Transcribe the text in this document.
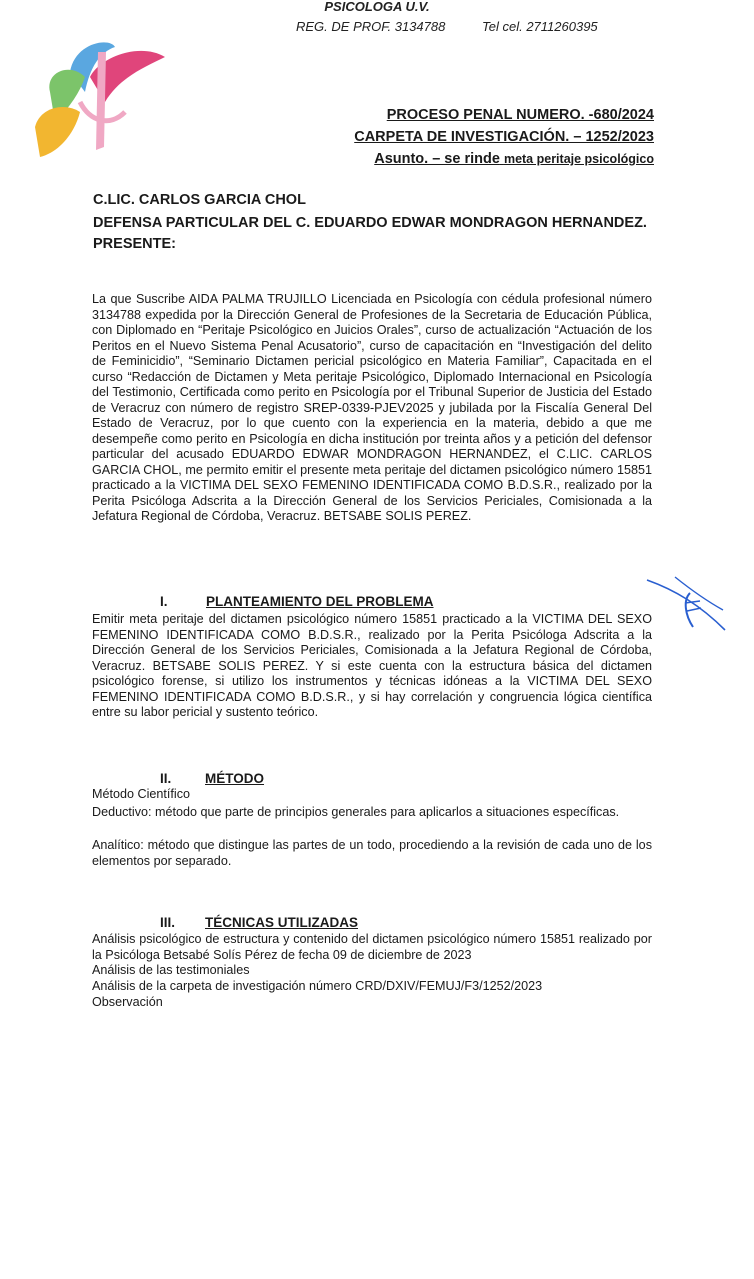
PSICOLOGA U.V.
REG. DE PROF. 3134788	Tel cel. 2711260395
PROCESO PENAL NUMERO. -680/2024
CARPETA DE INVESTIGACIÓN. – 1252/2023
Asunto. – se rinde meta peritaje psicológico
C.LIC. CARLOS GARCIA CHOL
DEFENSA PARTICULAR DEL C. EDUARDO EDWAR MONDRAGON HERNANDEZ.
PRESENTE:
La que Suscribe AIDA PALMA TRUJILLO Licenciada en Psicología con cédula profesional número 3134788 expedida por la Dirección General de Profesiones de la Secretaria de Educación Pública, con Diplomado en “Peritaje Psicológico en Juicios Orales”, curso de actualización “Actuación de los Peritos en el Nuevo Sistema Penal Acusatorio”, curso de capacitación en “Investigación del delito de Feminicidio”, “Seminario Dictamen pericial psicológico en Materia Familiar”, Capacitada en el curso “Redacción de Dictamen y Meta peritaje Psicológico, Diplomado Internacional en Psicología del Testimonio, Certificada como perito en Psicología por el Tribunal Superior de Justicia del Estado de Veracruz con número de registro SREP-0339-PJEV2025 y jubilada por la Fiscalía General Del Estado de Veracruz, por lo que cuento con la experiencia en la materia, debido a que me desempeñe como perito en Psicología en dicha institución por treinta años y a petición del defensor particular del acusado EDUARDO EDWAR MONDRAGON HERNANDEZ, el C.LIC. CARLOS GARCIA CHOL, me permito emitir el presente meta peritaje del dictamen psicológico número 15851 practicado a la VICTIMA DEL SEXO FEMENINO IDENTIFICADA COMO B.D.S.R., realizado por la Perita Psicóloga Adscrita a la Dirección General de los Servicios Periciales, Comisionada a la Jefatura Regional de Córdoba, Veracruz. BETSABE SOLIS PEREZ.
I.	PLANTEAMIENTO DEL PROBLEMA
Emitir meta peritaje del dictamen psicológico número 15851 practicado a la VICTIMA DEL SEXO FEMENINO IDENTIFICADA COMO B.D.S.R., realizado por la Perita Psicóloga Adscrita a la Dirección General de los Servicios Periciales, Comisionada a la Jefatura Regional de Córdoba, Veracruz. BETSABE SOLIS PEREZ. Y si este cuenta con la estructura básica del dictamen psicológico forense, si utilizo los instrumentos y técnicas idóneas a la VICTIMA DEL SEXO FEMENINO IDENTIFICADA COMO B.D.S.R., y si hay correlación y congruencia lógica científica entre su labor pericial y sustento teórico.
II. MÉTODO
Método Científico
Deductivo: método que parte de principios generales para aplicarlos a situaciones específicas.
Analítico: método que distingue las partes de un todo, procediendo a la revisión de cada uno de los elementos por separado.
III. TÉCNICAS UTILIZADAS
Análisis psicológico de estructura y contenido del dictamen psicológico número 15851 realizado por la Psicóloga Betsabé Solís Pérez de fecha 09 de diciembre de 2023
Análisis de las testimoniales
Análisis de la carpeta de investigación número CRD/DXIV/FEMUJ/F3/1252/2023
Observación
